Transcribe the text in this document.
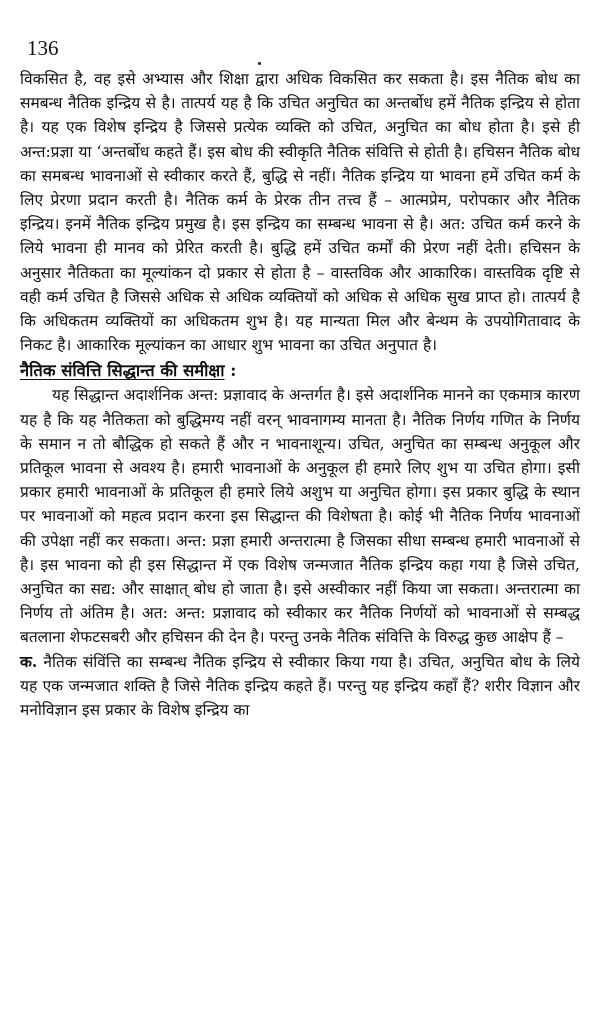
136

विकसित है, वह इसे अभ्यास और शिक्षा द्वारा अधिक विकसित कर सकता है। इस नैतिक बोध का समबन्ध नैतिक इन्द्रिय से है। तात्पर्य यह है कि उचित अनुचित का अन्तर्बोध हमें नैतिक इन्द्रिय से होता है। यह एक विशेष इन्द्रिय है जिससे प्रत्येक व्यक्ति को उचित, अनुचित का बोध होता है। इसे ही अन्त:प्रज्ञा या ‘अन्तर्बोध कहते हैं। इस बोध की स्वीकृति नैतिक संवित्ति से होती है। हचिसन नैतिक बोध का समबन्ध भावनाओं से स्वीकार करते हैं, बुद्धि से नहीं। नैतिक इन्द्रिय या भावना हमें उचित कर्म के लिए प्रेरणा प्रदान करती है। नैतिक कर्म के प्रेरक तीन तत्त्व हैं – आत्मप्रेम, परोपकार और नैतिक इन्द्रिय। इनमें नैतिक इन्द्रिय प्रमुख है। इस इन्द्रिय का सम्बन्ध भावना से है। अत: उचित कर्म करने के लिये भावना ही मानव को प्रेरित करती है। बुद्धि हमें उचित कर्मों की प्रेरण नहीं देती। हचिसन के अनुसार नैतिकता का मूल्यांकन दो प्रकार से होता है – वास्तविक और आकारिक। वास्तविक दृष्टि से वही कर्म उचित है जिससे अधिक से अधिक व्यक्तियों को अधिक से अधिक सुख प्राप्त हो। तात्पर्य है कि अधिकतम व्यक्तियों का अधिकतम शुभ है। यह मान्यता मिल और बेन्थम के उपयोगितावाद के निकट है। आकारिक मूल्यांकन का आधार शुभ भावना का उचित अनुपात है।

नैतिक संवित्ति सिद्धान्त की समीक्षा :

यह सिद्धान्त अदार्शनिक अन्त: प्रज्ञावाद के अन्तर्गत है। इसे अदार्शनिक मानने का एकमात्र कारण यह है कि यह नैतिकता को बुद्धिमग्य नहीं वरन् भावनागम्य मानता है। नैतिक निर्णय गणित के निर्णय के समान न तो बौद्धिक हो सकते हैं और न भावनाशून्य। उचित, अनुचित का सम्बन्ध अनुकूल और प्रतिकूल भावना से अवश्य है। हमारी भावनाओं के अनुकूल ही हमारे लिए शुभ या उचित होगा। इसी प्रकार हमारी भावनाओं के प्रतिकूल ही हमारे लिये अशुभ या अनुचित होगा। इस प्रकार बुद्धि के स्थान पर भावनाओं को महत्व प्रदान करना इस सिद्धान्त की विशेषता है। कोई भी नैतिक निर्णय भावनाओं की उपेक्षा नहीं कर सकता। अन्त: प्रज्ञा हमारी अन्तरात्मा है जिसका सीधा सम्बन्ध हमारी भावनाओं से है। इस भावना को ही इस सिद्धान्त में एक विशेष जन्मजात नैतिक इन्द्रिय कहा गया है जिसे उचित, अनुचित का सद्य: और साक्षात् बोध हो जाता है। इसे अस्वीकार नहीं किया जा सकता। अन्तरात्मा का निर्णय तो अंतिम है। अत: अन्त: प्रज्ञावाद को स्वीकार कर नैतिक निर्णयों को भावनाओं से सम्बद्ध बतलाना शेफटसबरी और हचिसन की देन है। परन्तु उनके नैतिक संवित्ति के विरुद्ध कुछ आक्षेप हैं –

क. नैतिक संविंत्ति का सम्बन्ध नैतिक इन्द्रिय से स्वीकार किया गया है। उचित, अनुचित बोध के लिये यह एक जन्मजात शक्ति है जिसे नैतिक इन्द्रिय कहते हैं। परन्तु यह इन्द्रिय कहाँ हैं? शरीर विज्ञान और मनोविज्ञान इस प्रकार के विशेष इन्द्रिय का
